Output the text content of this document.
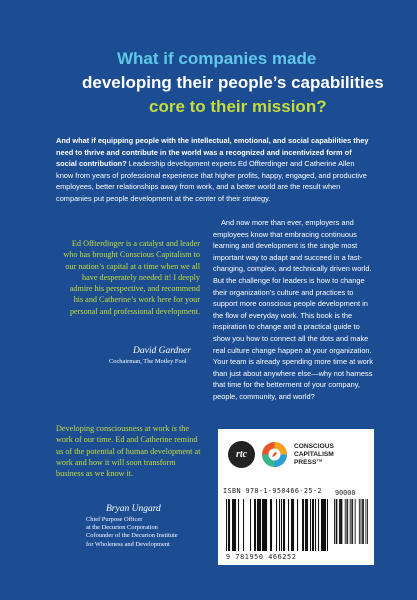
What if companies made
developing their people’s capabilities
core to their mission?
And what if equipping people with the intellectual, emotional, and social capabilities they need to thrive and contribute in the world was a recognized and incentivized form of social contribution? Leadership development experts Ed Offterdinger and Catherine Allen know from years of professional experience that higher profits, happy, engaged, and productive employees, better relationships away from work, and a better world are the result when companies put people development at the center of their strategy.
And now more than ever, employers and employees know that embracing continuous learning and development is the single most important way to adapt and succeed in a fast-changing, complex, and technically driven world. But the challenge for leaders is how to change their organization’s culture and practices to support more conscious people development in the flow of everyday work. This book is the inspiration to change and a practical guide to show you how to connect all the dots and make real culture change happen at your organization. Your team is already spending more time at work than just about anywhere else—why not harness that time for the betterment of your company, people, community, and world?
Ed Offterdinger is a catalyst and leader who has brought Conscious Capitalism to our nation’s capital at a time when we all have desperately needed it! I deeply admire his perspective, and recommend his and Catherine’s work here for your personal and professional development.
David Gardner
Cochairman, The Motley Fool
Developing consciousness at work is the work of our time. Ed and Catherine remind us of the potential of human development at work and how it will soon transform business as we know it.
Bryan Ungard
Chief Purpose Officer
at the Decurion Corporation
Cofounder of the Decurion Institute
for Wholeness and Development
rtc
CONSCIOUS
CAPITALISM
PRESS™
ISBN 978-1-950466-25-2 90000
9 781950 466252
